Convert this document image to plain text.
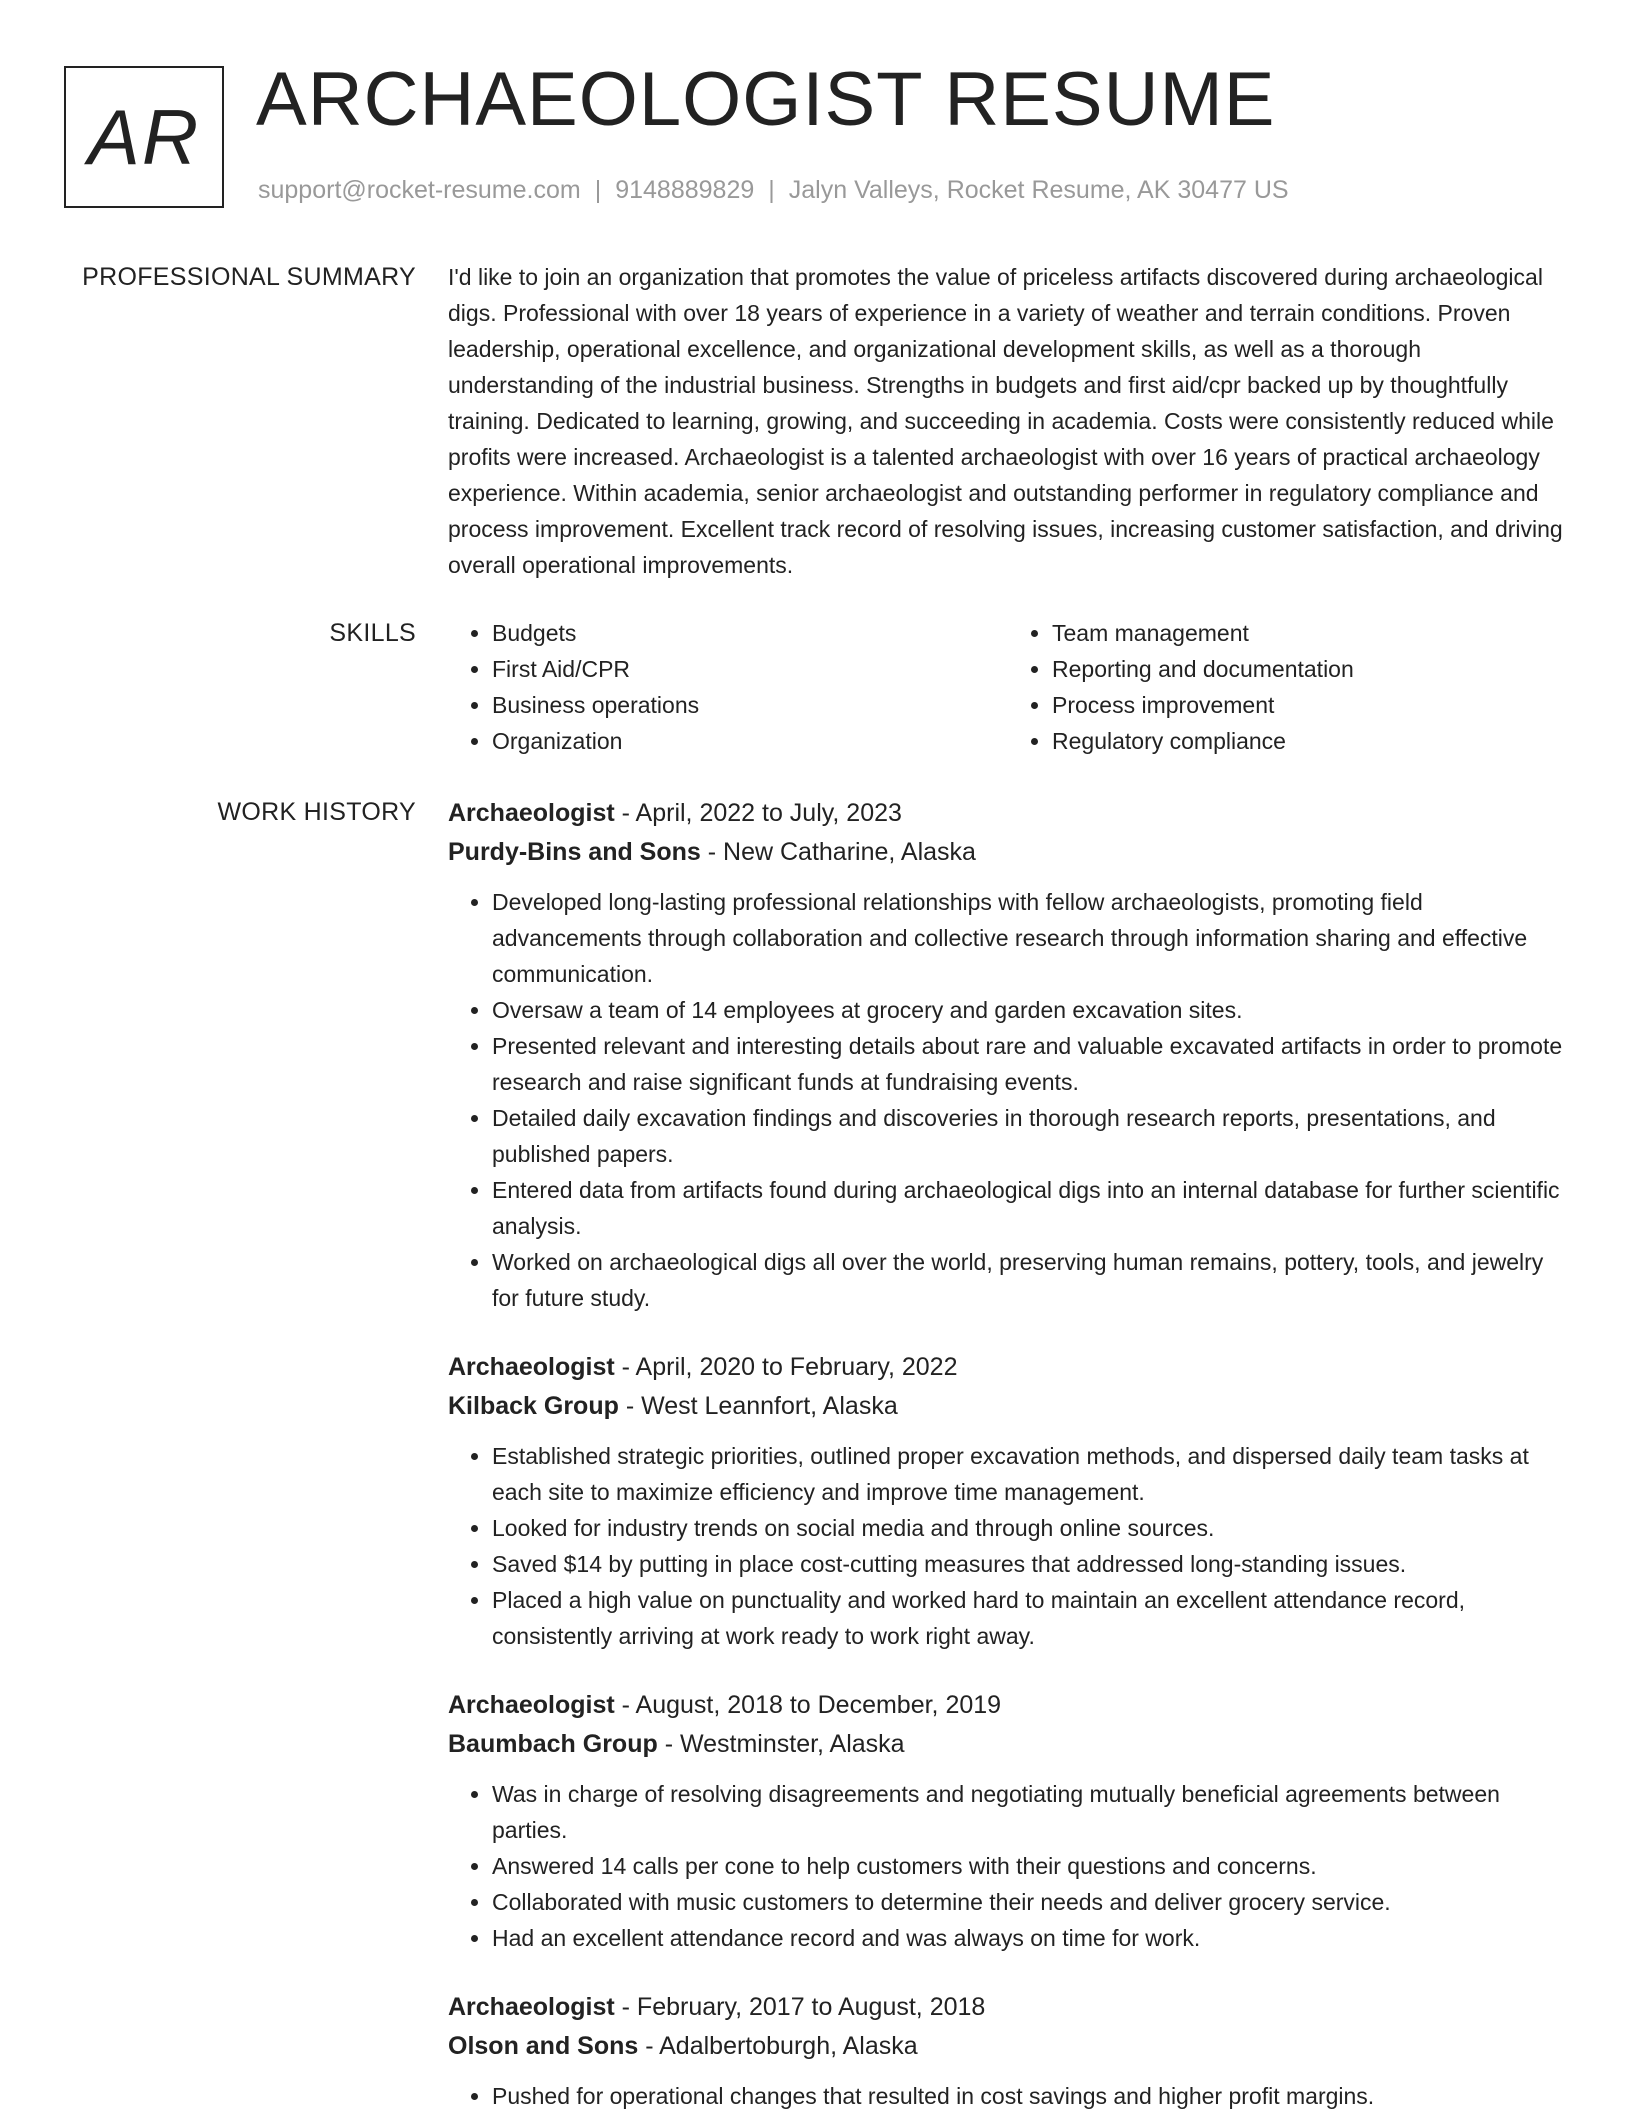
AR ARCHAEOLOGIST RESUME
support@rocket-resume.com | 9148889829 | Jalyn Valleys, Rocket Resume, AK 30477 US
PROFESSIONAL SUMMARY I'd like to join an organization that promotes the value of priceless artifacts discovered during archaeological digs. Professional with over 18 years of experience in a variety of weather and terrain conditions. Proven leadership, operational excellence, and organizational development skills, as well as a thorough understanding of the industrial business. Strengths in budgets and first aid/cpr backed up by thoughtfully training. Dedicated to learning, growing, and succeeding in academia. Costs were consistently reduced while profits were increased. Archaeologist is a talented archaeologist with over 16 years of practical archaeology experience. Within academia, senior archaeologist and outstanding performer in regulatory compliance and process improvement. Excellent track record of resolving issues, increasing customer satisfaction, and driving overall operational improvements.

SKILLS
•	Budgets
• First Aid/CPR
• Business operations
• Organization
• Team management
• Reporting and documentation
• Process improvement
• Regulatory compliance
WORK HISTORY Archaeologist - April, 2022 to July, 2023
Purdy-Bins and Sons - New Catharine, Alaska
• Developed long-lasting professional relationships with fellow archaeologists, promoting field advancements through collaboration and collective research through information sharing and effective communication.
• Oversaw a team of 14 employees at grocery and garden excavation sites.
• Presented relevant and interesting details about rare and valuable excavated artifacts in order to promote research and raise significant funds at fundraising events.
• Detailed daily excavation findings and discoveries in thorough research reports, presentations, and published papers.
• Entered data from artifacts found during archaeological digs into an internal database for further scientific analysis.
• Worked on archaeological digs all over the world, preserving human remains, pottery, tools, and jewelry for future study.
Archaeologist - April, 2020 to February, 2022
Kilback Group - West Leannfort, Alaska
• Established strategic priorities, outlined proper excavation methods, and dispersed daily team tasks at each site to maximize efficiency and improve time management.
• Looked for industry trends on social media and through online sources.
• Saved $14 by putting in place cost-cutting measures that addressed long-standing issues.
• Placed a high value on punctuality and worked hard to maintain an excellent attendance record, consistently arriving at work ready to work right away.
Archaeologist - August, 2018 to December, 2019
Baumbach Group - Westminster, Alaska
• Was in charge of resolving disagreements and negotiating mutually beneficial agreements between parties.
• Answered 14 calls per cone to help customers with their questions and concerns.
• Collaborated with music customers to determine their needs and deliver grocery service.
• Had an excellent attendance record and was always on time for work.
Archaeologist - February, 2017 to August, 2018
Olson and Sons - Adalbertoburgh, Alaska
• Pushed for operational changes that resulted in cost savings and higher profit margins.
